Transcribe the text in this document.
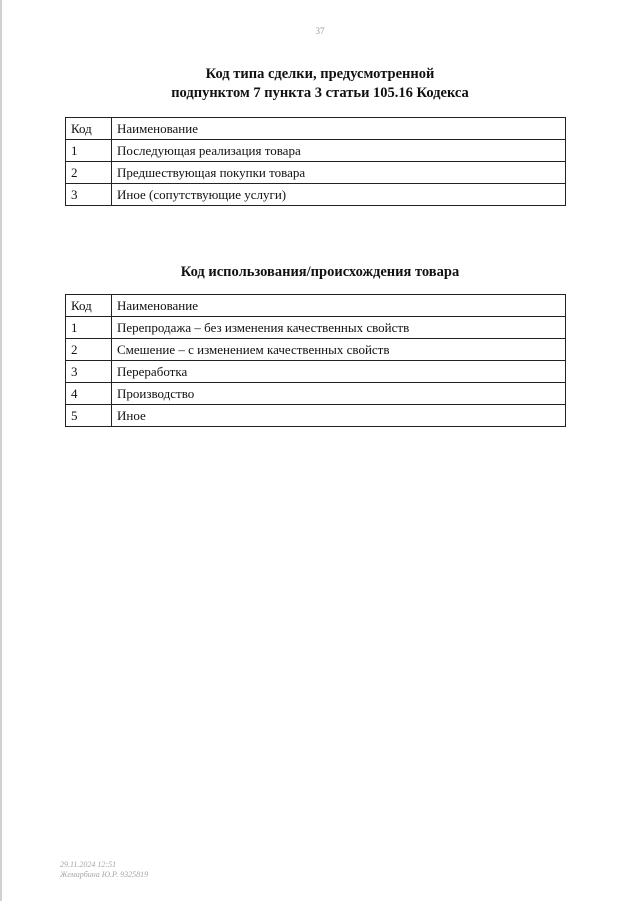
37
Код типа сделки, предусмотренной
подпунктом 7 пункта 3 статьи 105.16 Кодекса
Код	Наименование
1	Последующая реализация товара
2	Предшествующая покупки товара
3	Иное (сопутствующие услуги)
Код использования/происхождения товара
Код	Наименование
1	Перепродажа – без изменения качественных свойств
2	Смешение – с изменением качественных свойств
3	Переработка
4	Производство
5	Иное
29.11.2024 12:51
Жемарбина Ю.Р. 9325819
